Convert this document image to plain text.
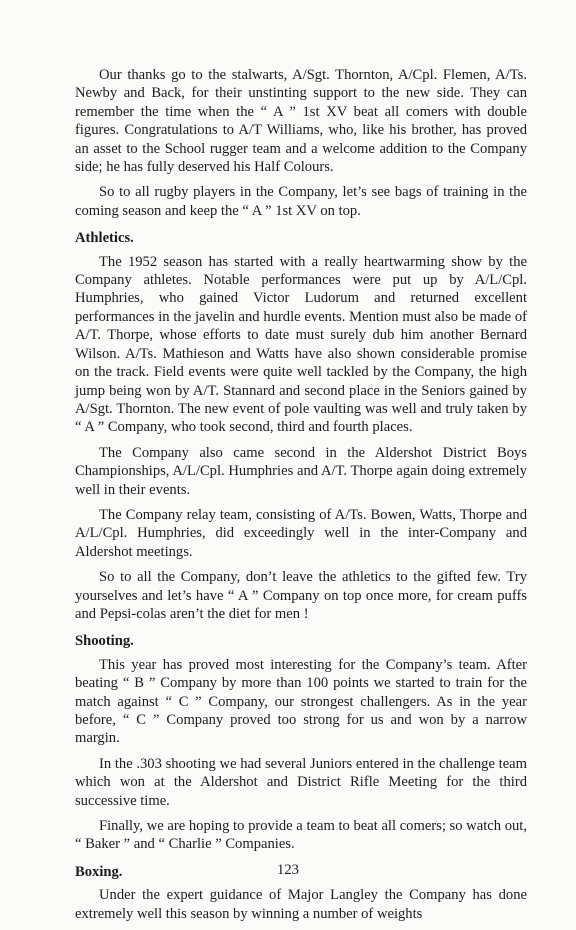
Our thanks go to the stalwarts, A/Sgt. Thornton, A/Cpl. Flemen, A/Ts. Newby and Back, for their unstinting support to the new side. They can remember the time when the “ A ” 1st XV beat all comers with double figures. Congratulations to A/T Williams, who, like his brother, has proved an asset to the School rugger team and a welcome addition to the Company side; he has fully deserved his Half Colours.

So to all rugby players in the Company, let’s see bags of training in the coming season and keep the “ A ” 1st XV on top.

Athletics.

The 1952 season has started with a really heartwarming show by the Company athletes. Notable performances were put up by A/L/Cpl. Humphries, who gained Victor Ludorum and returned excellent performances in the javelin and hurdle events. Mention must also be made of A/T. Thorpe, whose efforts to date must surely dub him another Bernard Wilson. A/Ts. Mathieson and Watts have also shown considerable promise on the track. Field events were quite well tackled by the Company, the high jump being won by A/T. Stannard and second place in the Seniors gained by A/Sgt. Thornton. The new event of pole vaulting was well and truly taken by “ A ” Company, who took second, third and fourth places.

The Company also came second in the Aldershot District Boys Championships, A/L/Cpl. Humphries and A/T. Thorpe again doing extremely well in their events.

The Company relay team, consisting of A/Ts. Bowen, Watts, Thorpe and A/L/Cpl. Humphries, did exceedingly well in the inter-Company and Aldershot meetings.

So to all the Company, don’t leave the athletics to the gifted few. Try yourselves and let’s have “ A ” Company on top once more, for cream puffs and Pepsi-colas aren’t the diet for men !

Shooting.

This year has proved most interesting for the Company’s team. After beating “ B ” Company by more than 100 points we started to train for the match against “ C ” Company, our strongest challengers. As in the year before, “ C ” Company proved too strong for us and won by a narrow margin.

In the .303 shooting we had several Juniors entered in the challenge team which won at the Aldershot and District Rifle Meeting for the third successive time.

Finally, we are hoping to provide a team to beat all comers; so watch out, “ Baker ” and “ Charlie ” Companies.

Boxing.

Under the expert guidance of Major Langley the Company has done extremely well this season by winning a number of weights

123
